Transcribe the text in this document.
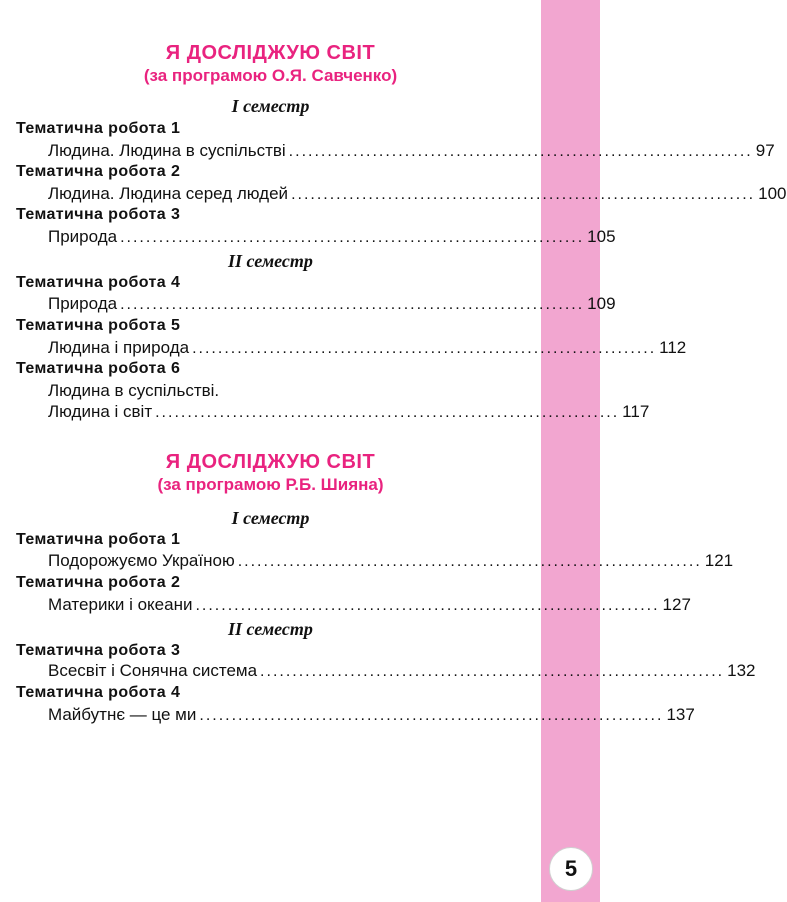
5
Я ДОСЛІДЖУЮ СВІТ
(за програмою О.Я. Савченко)
I семестр
Тематична робота 1
Людина. Людина в суспільстві ........................................................................ 97
Тематична робота 2
Людина. Людина серед людей ........................................................................ 100
Тематична робота 3
Природа ........................................................................ 105
II семестр
Тематична робота 4
Природа ........................................................................ 109
Тематична робота 5
Людина і природа ........................................................................ 112
Тематична робота 6
Людина в суспільстві.
Людина і світ ........................................................................ 117
Я ДОСЛІДЖУЮ СВІТ
(за програмою Р.Б. Шияна)
I семестр
Тематична робота 1
Подорожуємо Україною ........................................................................ 121
Тематична робота 2
Материки і океани ........................................................................ 127
II семестр
Тематична робота 3
Всесвіт і Сонячна система ........................................................................ 132
Тематична робота 4
Майбутнє — це ми ........................................................................ 137
